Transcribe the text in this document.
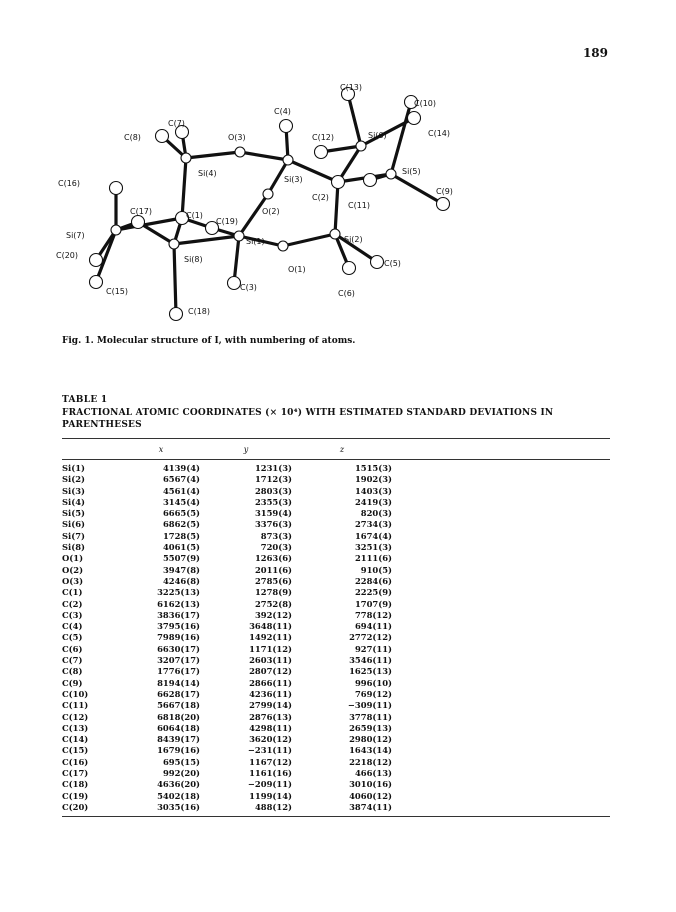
189
C(13)
C(10)
C(4)
C(7)
C(8)	O(3)	C(12)	Si(6)	C(14)
Si(4)
Si(3)
Si(5)
C(16)
C(2)
C(9)
C(11)
C(17)	C(1)	O(2)
C(19)
Si(7)
Si(1)	Si(2)
C(20)	Si(8)
O(1)
C(5)
C(15)	C(3)
C(6)
C(18)
Fig. 1. Molecular structure of I, with numbering of atoms.
TABLE 1
FRACTIONAL ATOMIC COORDINATES (× 10⁴) WITH ESTIMATED STANDARD DEVIATIONS IN PARENTHESES
x	y	z
Si(1)	4139(4)	1231(3)	1515(3)
Si(2)	6567(4)	1712(3)	1902(3)
Si(3)	4561(4)	2803(3)	1403(3)
Si(4)	3145(4)	2355(3)	2419(3)
Si(5)	6665(5)	3159(4)	820(3)
Si(6)	6862(5)	3376(3)	2734(3)
Si(7)	1728(5)	873(3)	1674(4)
Si(8)	4061(5)	720(3)	3251(3)
O(1)	5507(9)	1263(6)	2111(6)
O(2)	3947(8)	2011(6)	910(5)
O(3)	4246(8)	2785(6)	2284(6)
C(1)	3225(13)	1278(9)	2225(9)
C(2)	6162(13)	2752(8)	1707(9)
C(3)	3836(17)	392(12)	778(12)
C(4)	3795(16)	3648(11)	694(11)
C(5)	7989(16)	1492(11)	2772(12)
C(6)	6630(17)	1171(12)	927(11)
C(7)	3207(17)	2603(11)	3546(11)
C(8)	1776(17)	2807(12)	1625(13)
C(9)	8194(14)	2866(11)	996(10)
C(10)	6628(17)	4236(11)	769(12)
C(11)	5667(18)	2799(14)	−309(11)
C(12)	6818(20)	2876(13)	3778(11)
C(13)	6064(18)	4298(11)	2659(13)
C(14)	8439(17)	3620(12)	2980(12)
C(15)	1679(16)	−231(11)	1643(14)
C(16)	695(15)	1167(12)	2218(12)
C(17)	992(20)	1161(16)	466(13)
C(18)	4636(20)	−209(11)	3010(16)
C(19)	5402(18)	1199(14)	4060(12)
C(20)	3035(16)	488(12)	3874(11)
